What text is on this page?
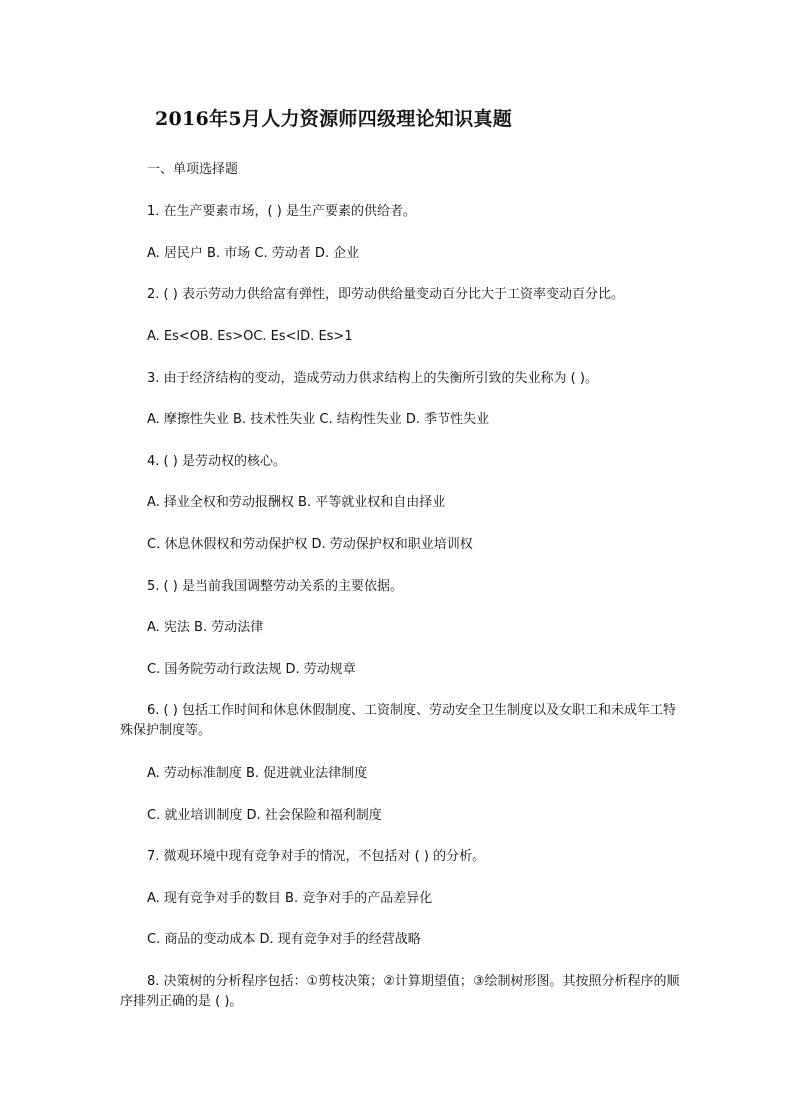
2016年5月人力资源师四级理论知识真题
一、单项选择题
1. 在生产要素市场，( ) 是生产要素的供给者。
A. 居民户 B. 市场 C. 劳动者 D. 企业
2. ( ) 表示劳动力供给富有弹性，即劳动供给量变动百分比大于工资率变动百分比。
A. Es<OB. Es>OC. Es<lD. Es>1
3. 由于经济结构的变动，造成劳动力供求结构上的失衡所引致的失业称为 ( )。
A. 摩擦性失业 B. 技术性失业 C. 结构性失业 D. 季节性失业
4. ( ) 是劳动权的核心。
A. 择业全权和劳动报酬权 B. 平等就业权和自由择业
C. 休息休假权和劳动保护权 D. 劳动保护权和职业培训权
5. ( ) 是当前我国调整劳动关系的主要依据。
A. 宪法 B. 劳动法律
C. 国务院劳动行政法规 D. 劳动规章
6. ( ) 包括工作时间和休息休假制度、工资制度、劳动安全卫生制度以及女职工和未成年工特殊保护制度等。
A. 劳动标准制度 B. 促进就业法律制度
C. 就业培训制度 D. 社会保险和福利制度
7. 微观环境中现有竞争对手的情况，不包括对 ( ) 的分析。
A. 现有竞争对手的数目 B. 竞争对手的产品差异化
C. 商品的变动成本 D. 现有竞争对手的经营战略
8. 决策树的分析程序包括：①剪枝决策；②计算期望值；③绘制树形图。其按照分析程序的顺序排列正确的是 ( )。
